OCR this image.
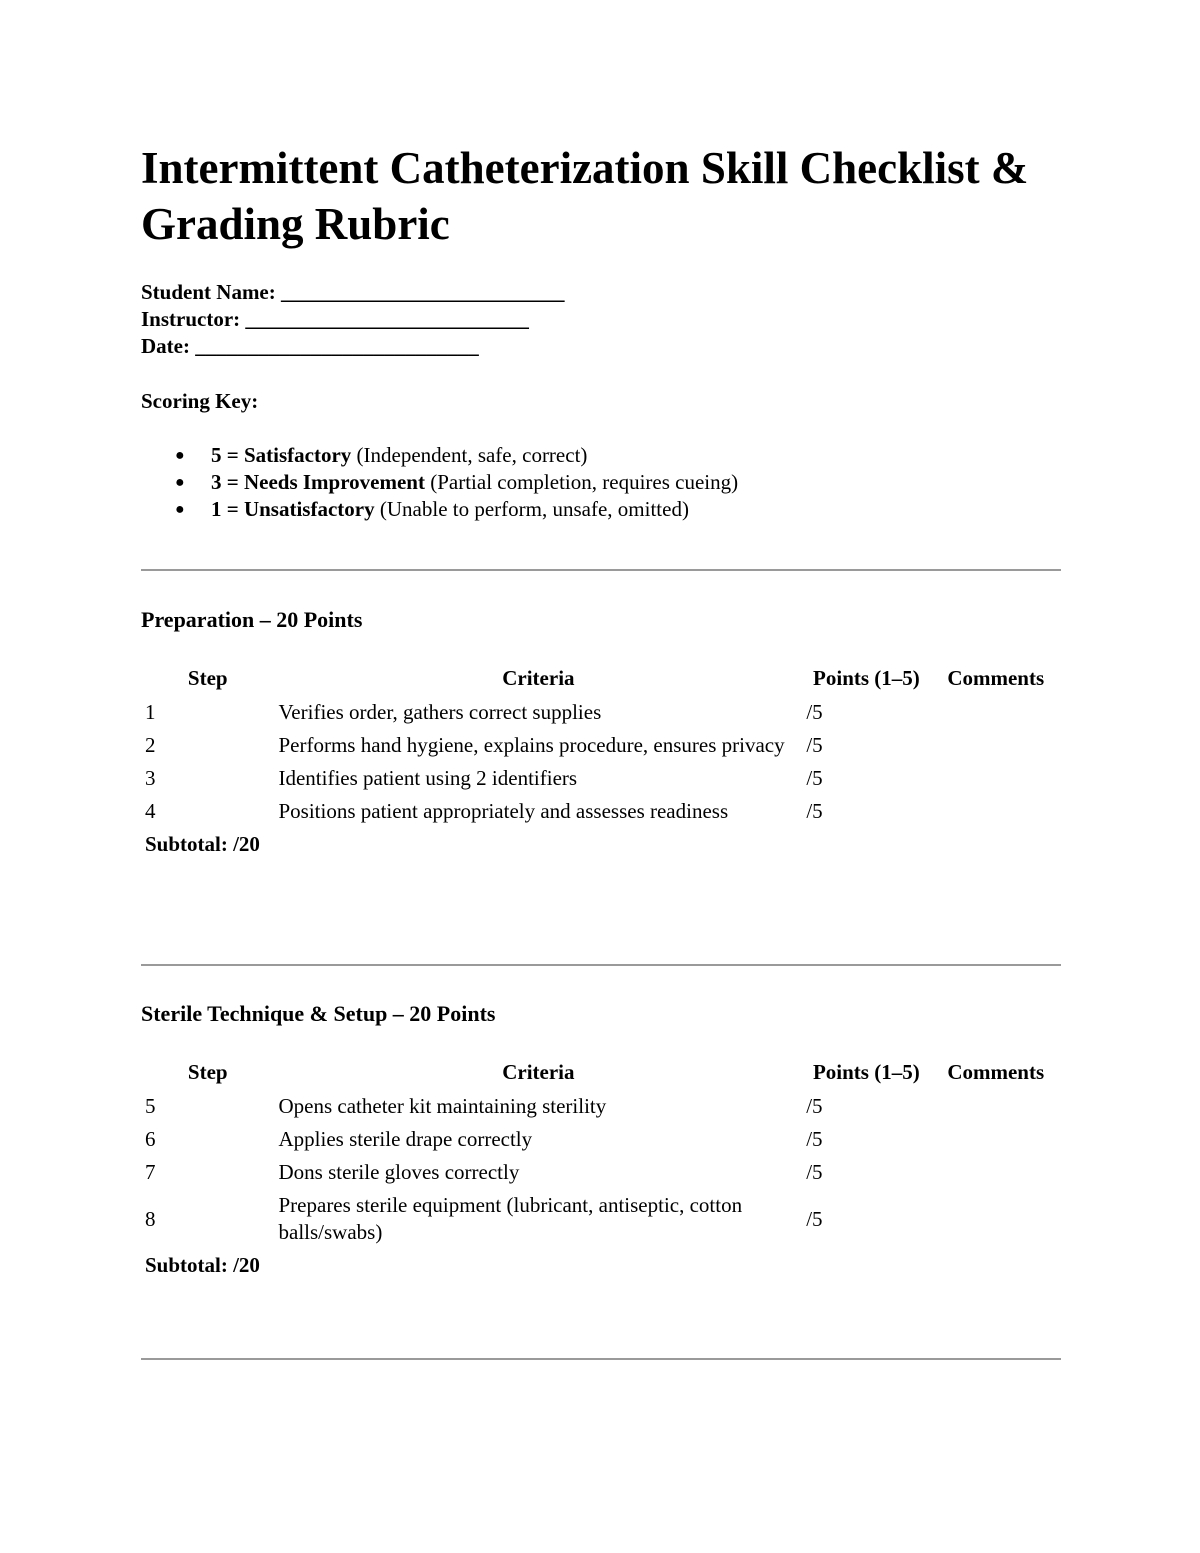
Intermittent Catheterization Skill Checklist & Grading Rubric
Student Name: ___________________________
Instructor: ___________________________
Date: ___________________________
Scoring Key:
● 5 = Satisfactory (Independent, safe, correct)
● 3 = Needs Improvement (Partial completion, requires cueing)
● 1 = Unsatisfactory (Unable to perform, unsafe, omitted)
Preparation – 20 Points
Step	Criteria	Points (1–5)	Comments
1	Verifies order, gathers correct supplies	/5	
2	Performs hand hygiene, explains procedure, ensures privacy	/5	
3	Identifies patient using 2 identifiers	/5	
4	Positions patient appropriately and assesses readiness	/5	
Subtotal: /20			
Sterile Technique & Setup – 20 Points
Step	Criteria	Points (1–5)	Comments
5	Opens catheter kit maintaining sterility	/5	
6	Applies sterile drape correctly	/5	
7	Dons sterile gloves correctly	/5	
8	Prepares sterile equipment (lubricant, antiseptic, cotton balls/swabs)	/5	
Subtotal: /20			
